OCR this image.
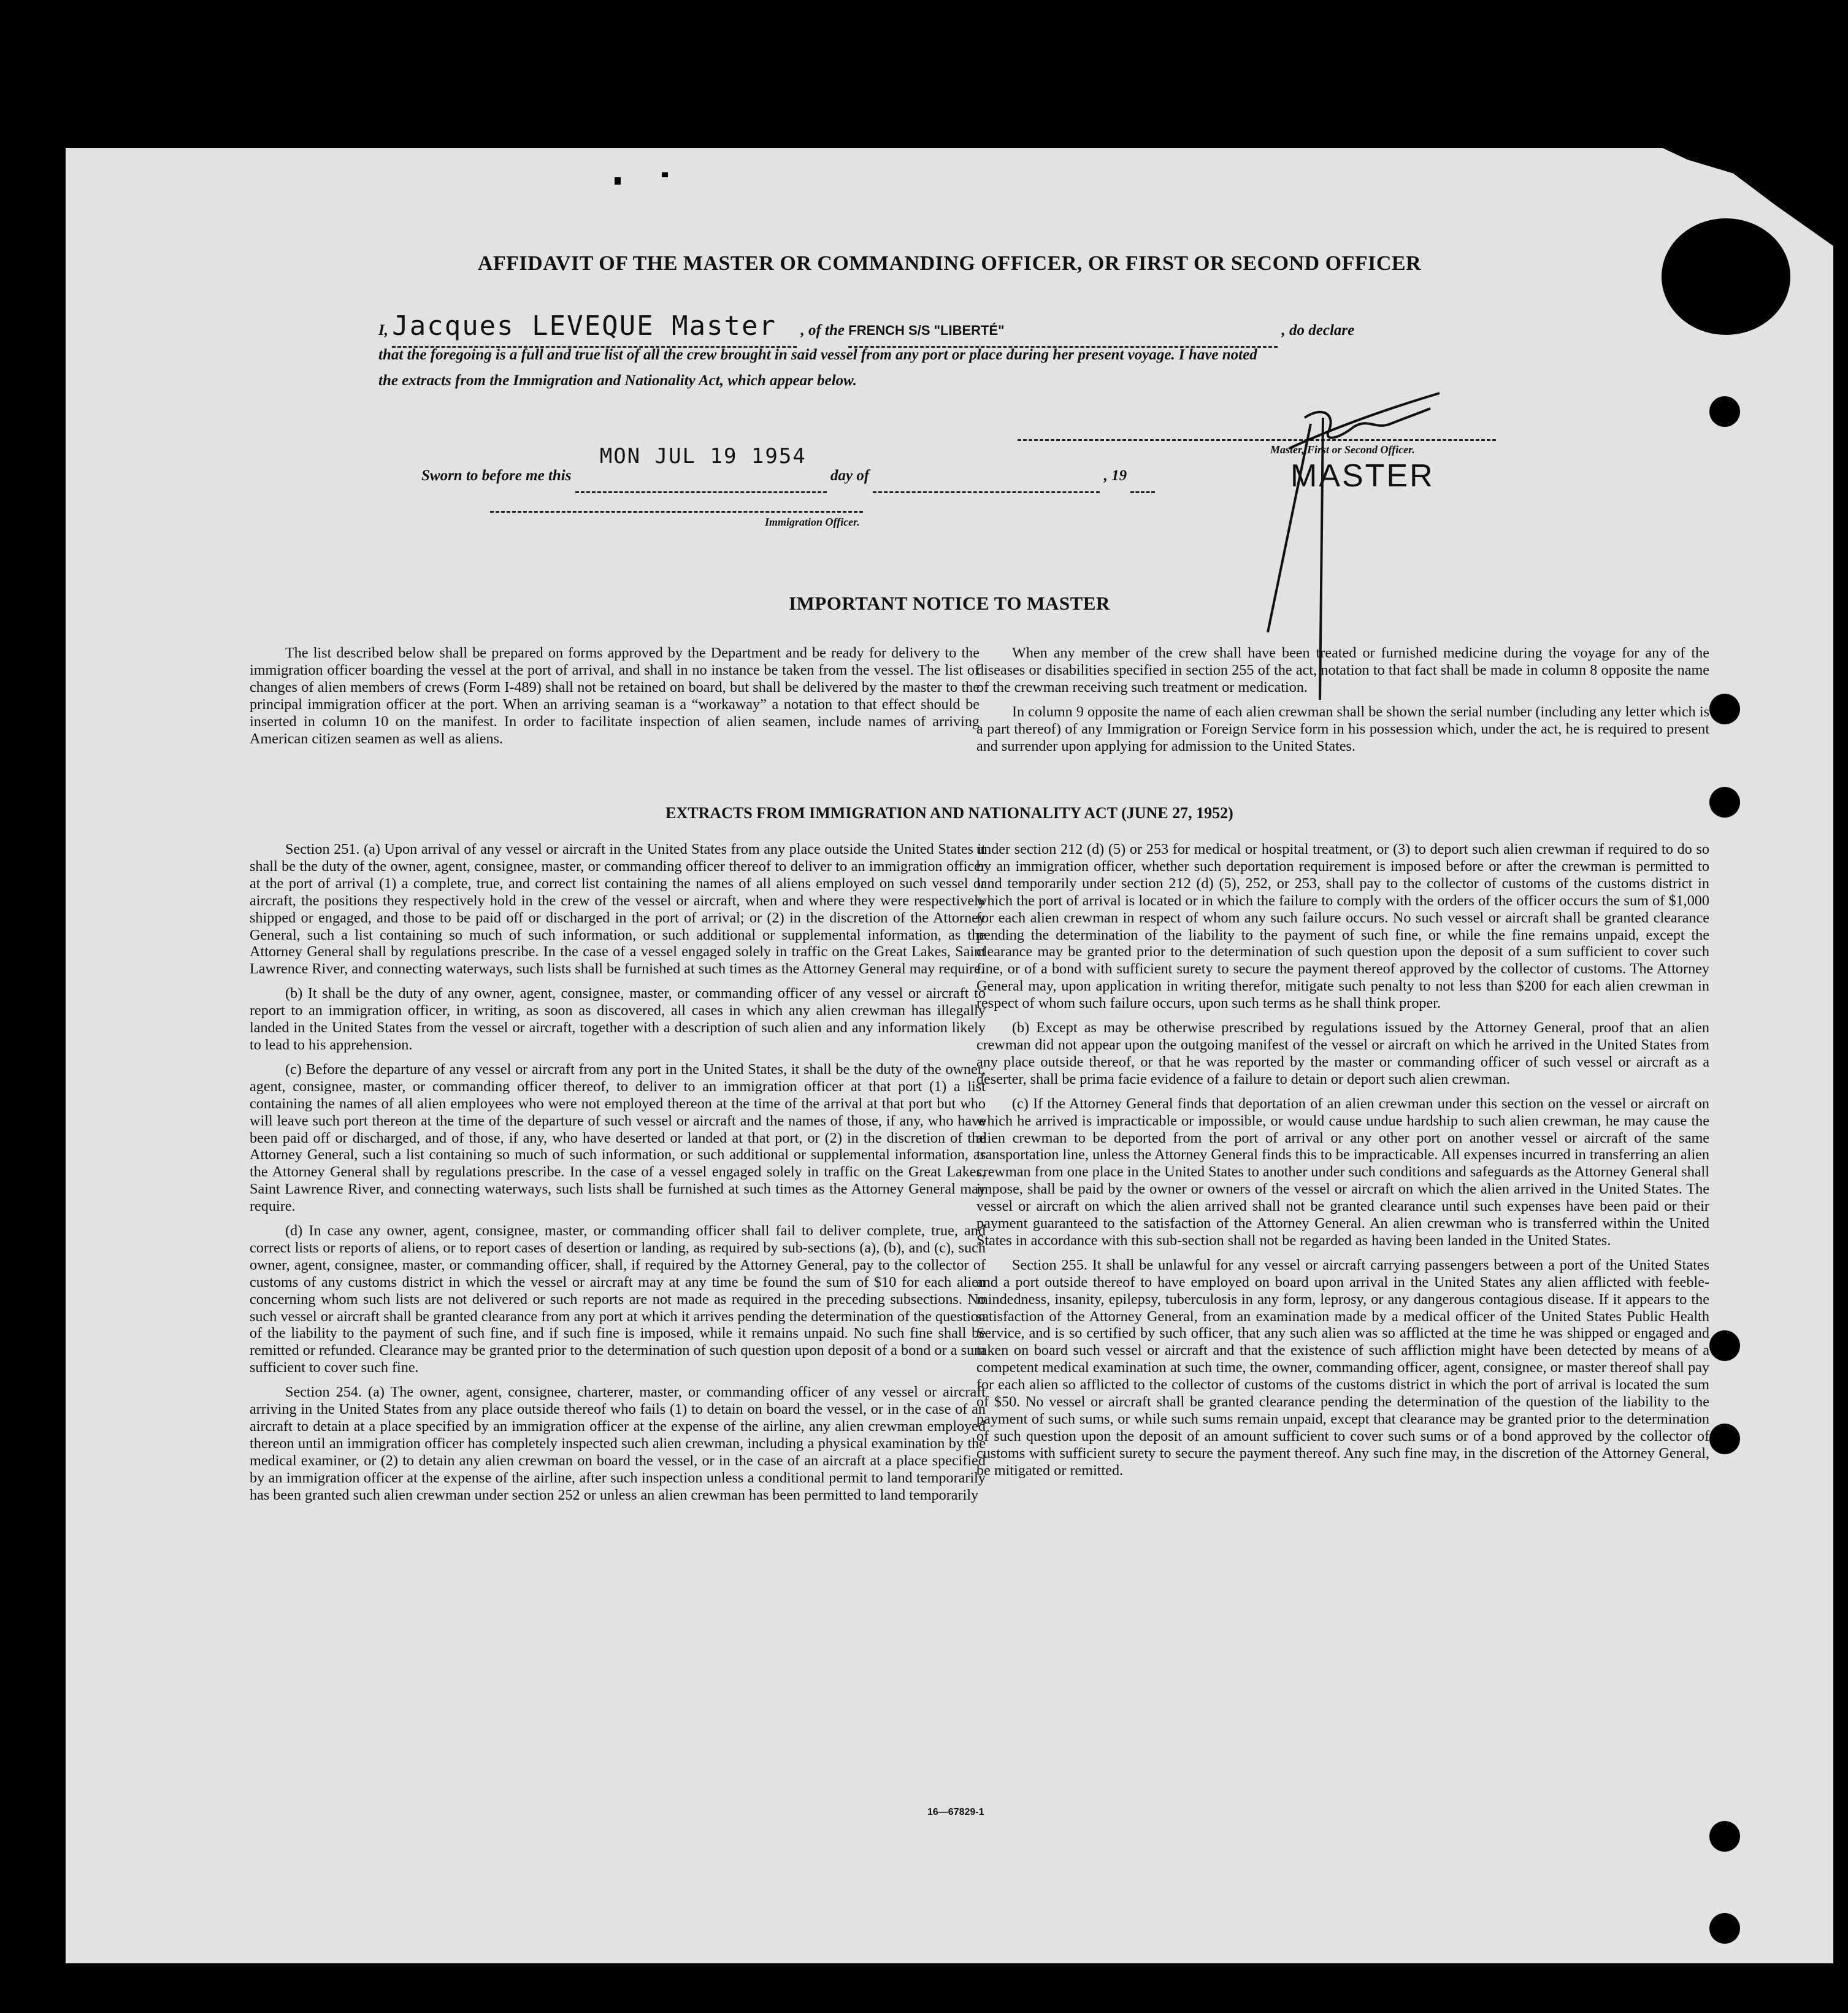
AFFIDAVIT OF THE MASTER OR COMMANDING OFFICER, OR FIRST OR SECOND OFFICER
I, Jacques LEVEQUE Master , of the FRENCH S/S "LIBERTÉ"	, do declare
that the foregoing is a full and true list of all the crew brought in said vessel from any port or place during her present voyage. I have noted
the extracts from the Immigration and Nationality Act, which appear below.
Master, First or Second Officer.
MASTER
Sworn to before me this
MON JUL 19 1954
day of	, 19
Immigration Officer.
IMPORTANT NOTICE TO MASTER

The list described below shall be prepared on forms approved by the Department and be ready for delivery to the immigration officer boarding the vessel at the port of arrival, and shall in no instance be taken from the vessel. The list of changes of alien members of crews (Form I-489) shall not be retained on board, but shall be delivered by the master to the principal immigration officer at the port. When an arriving seaman is a “workaway” a notation to that effect should be inserted in column 10 on the manifest. In order to facilitate inspection of alien seamen, include names of arriving American citizen seamen as well as aliens.

When any member of the crew shall have been treated or furnished medicine during the voyage for any of the diseases or disabilities specified in section 255 of the act, notation to that fact shall be made in column 8 opposite the name of the crewman receiving such treatment or medication.

In column 9 opposite the name of each alien crewman shall be shown the serial number (including any letter which is a part thereof) of any Immigration or Foreign Service form in his possession which, under the act, he is required to present and surrender upon applying for admission to the United States.

EXTRACTS FROM IMMIGRATION AND NATIONALITY ACT (JUNE 27, 1952)

Section 251. (a) Upon arrival of any vessel or aircraft in the United States from any place outside the United States it shall be the duty of the owner, agent, consignee, master, or commanding officer thereof to deliver to an immigration officer at the port of arrival (1) a complete, true, and correct list containing the names of all aliens employed on such vessel or aircraft, the positions they respectively hold in the crew of the vessel or aircraft, when and where they were respectively shipped or engaged, and those to be paid off or discharged in the port of arrival; or (2) in the discretion of the Attorney General, such a list containing so much of such information, or such additional or supplemental information, as the Attorney General shall by regulations prescribe. In the case of a vessel engaged solely in traffic on the Great Lakes, Saint Lawrence River, and connecting waterways, such lists shall be furnished at such times as the Attorney General may require.

(b) It shall be the duty of any owner, agent, consignee, master, or commanding officer of any vessel or aircraft to report to an immigration officer, in writing, as soon as discovered, all cases in which any alien crewman has illegally landed in the United States from the vessel or aircraft, together with a description of such alien and any information likely to lead to his apprehension.

(c) Before the departure of any vessel or aircraft from any port in the United States, it shall be the duty of the owner, agent, consignee, master, or commanding officer thereof, to deliver to an immigration officer at that port (1) a list containing the names of all alien employees who were not employed thereon at the time of the arrival at that port but who will leave such port thereon at the time of the departure of such vessel or aircraft and the names of those, if any, who have been paid off or discharged, and of those, if any, who have deserted or landed at that port, or (2) in the discretion of the Attorney General, such a list containing so much of such information, or such additional or supplemental information, as the Attorney General shall by regulations prescribe. In the case of a vessel engaged solely in traffic on the Great Lakes, Saint Lawrence River, and connecting waterways, such lists shall be furnished at such times as the Attorney General may require.

(d) In case any owner, agent, consignee, master, or commanding officer shall fail to deliver complete, true, and correct lists or reports of aliens, or to report cases of desertion or landing, as required by sub-sections (a), (b), and (c), such owner, agent, consignee, master, or commanding officer, shall, if required by the Attorney General, pay to the collector of customs of any customs district in which the vessel or aircraft may at any time be found the sum of $10 for each alien concerning whom such lists are not delivered or such reports are not made as required in the preceding subsections. No such vessel or aircraft shall be granted clearance from any port at which it arrives pending the determination of the question of the liability to the payment of such fine, and if such fine is imposed, while it remains unpaid. No such fine shall be remitted or refunded. Clearance may be granted prior to the determination of such question upon deposit of a bond or a sum sufficient to cover such fine.

Section 254. (a) The owner, agent, consignee, charterer, master, or commanding officer of any vessel or aircraft arriving in the United States from any place outside thereof who fails (1) to detain on board the vessel, or in the case of an aircraft to detain at a place specified by an immigration officer at the expense of the airline, any alien crewman employed thereon until an immigration officer has completely inspected such alien crewman, including a physical examination by the medical examiner, or (2) to detain any alien crewman on board the vessel, or in the case of an aircraft at a place specified by an immigration officer at the expense of the airline, after such inspection unless a conditional permit to land temporarily has been granted such alien crewman under section 252 or unless an alien crewman has been permitted to land temporarily

under section 212 (d) (5) or 253 for medical or hospital treatment, or (3) to deport such alien crewman if required to do so by an immigration officer, whether such deportation requirement is imposed before or after the crewman is permitted to land temporarily under section 212 (d) (5), 252, or 253, shall pay to the collector of customs of the customs district in which the port of arrival is located or in which the failure to comply with the orders of the officer occurs the sum of $1,000 for each alien crewman in respect of whom any such failure occurs. No such vessel or aircraft shall be granted clearance pending the determination of the liability to the payment of such fine, or while the fine remains unpaid, except the clearance may be granted prior to the determination of such question upon the deposit of a sum sufficient to cover such fine, or of a bond with sufficient surety to secure the payment thereof approved by the collector of customs. The Attorney General may, upon application in writing therefor, mitigate such penalty to not less than $200 for each alien crewman in respect of whom such failure occurs, upon such terms as he shall think proper.

(b) Except as may be otherwise prescribed by regulations issued by the Attorney General, proof that an alien crewman did not appear upon the outgoing manifest of the vessel or aircraft on which he arrived in the United States from any place outside thereof, or that he was reported by the master or commanding officer of such vessel or aircraft as a deserter, shall be prima facie evidence of a failure to detain or deport such alien crewman.

(c) If the Attorney General finds that deportation of an alien crewman under this section on the vessel or aircraft on which he arrived is impracticable or impossible, or would cause undue hardship to such alien crewman, he may cause the alien crewman to be deported from the port of arrival or any other port on another vessel or aircraft of the same transportation line, unless the Attorney General finds this to be impracticable. All expenses incurred in transferring an alien crewman from one place in the United States to another under such conditions and safeguards as the Attorney General shall impose, shall be paid by the owner or owners of the vessel or aircraft on which the alien arrived in the United States. The vessel or aircraft on which the alien arrived shall not be granted clearance until such expenses have been paid or their payment guaranteed to the satisfaction of the Attorney General. An alien crewman who is transferred within the United States in accordance with this sub-section shall not be regarded as having been landed in the United States.

Section 255. It shall be unlawful for any vessel or aircraft carrying passengers between a port of the United States and a port outside thereof to have employed on board upon arrival in the United States any alien afflicted with feeble-mindedness, insanity, epilepsy, tuberculosis in any form, leprosy, or any dangerous contagious disease. If it appears to the satisfaction of the Attorney General, from an examination made by a medical officer of the United States Public Health Service, and is so certified by such officer, that any such alien was so afflicted at the time he was shipped or engaged and taken on board such vessel or aircraft and that the existence of such affliction might have been detected by means of a competent medical examination at such time, the owner, commanding officer, agent, consignee, or master thereof shall pay for each alien so afflicted to the collector of customs of the customs district in which the port of arrival is located the sum of $50. No vessel or aircraft shall be granted clearance pending the determination of the question of the liability to the payment of such sums, or while such sums remain unpaid, except that clearance may be granted prior to the determination of such question upon the deposit of an amount sufficient to cover such sums or of a bond approved by the collector of customs with sufficient surety to secure the payment thereof. Any such fine may, in the discretion of the Attorney General, be mitigated or remitted.

16—67829-1
